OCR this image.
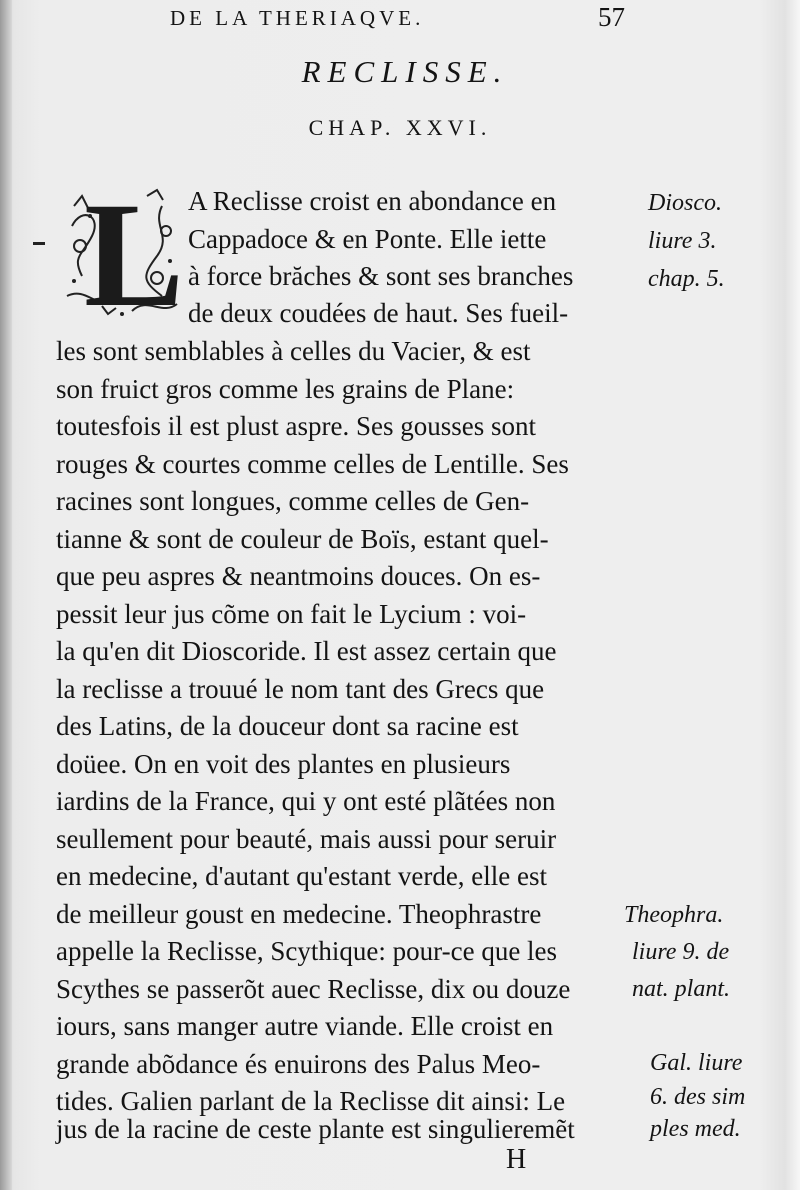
DE LA THERIAQVE.	57
RECLISSE.
CHAP. XXVI.
L A Reclisse croist en abondance en
Cappadoce & en Ponte. Elle iette
à force brăches & sont ses branches
de deux coudées de haut. Ses fueil-
les sont semblables à celles du Vacier, & est
son fruict gros comme les grains de Plane:
toutesfois il est plust aspre. Ses gousses sont
rouges & courtes comme celles de Lentille. Ses
racines sont longues, comme celles de Gen-
tianne & sont de couleur de Boïs, estant quel-
que peu aspres & neantmoins douces. On es-
pessit leur jus cõme on fait le Lycium : voi-
la qu'en dit Dioscoride. Il est assez certain que
la reclisse a trouué le nom tant des Grecs que
des Latins, de la douceur dont sa racine est
doüee. On en voit des plantes en plusieurs
iardins de la France, qui y ont esté plãtées non
seullement pour beauté, mais aussi pour seruir
en medecine, d'autant qu'estant verde, elle est
de meilleur goust en medecine. Theophrastre
appelle la Reclisse, Scythique: pour-ce que les
Scythes se passerõt auec Reclisse, dix ou douze
iours, sans manger autre viande. Elle croist en
grande abõdance és enuirons des Palus Meo-
tides. Galien parlant de la Reclisse dit ainsi: Le
jus de la racine de ceste plante est singulieremẽt
Diosco.
liure 3.
chap. 5.
Theophra.
liure 9. de
nat. plant.
Gal. liure
6. des sim
ples med.
H
